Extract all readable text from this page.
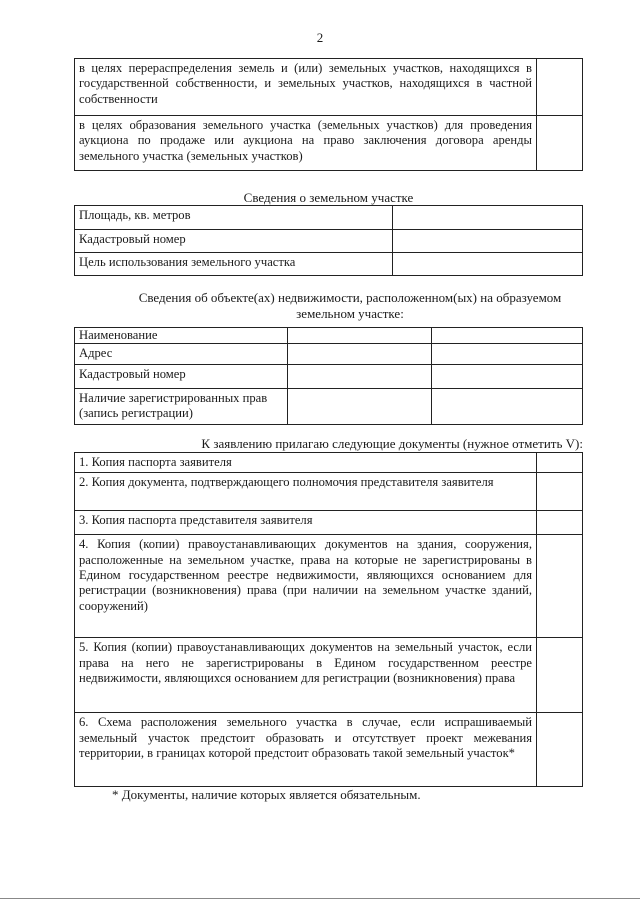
2
в целях перераспределения земель и (или) земельных участков, находящихся в государственной собственности, и земельных участков, находящихся в частной собственности	
в целях образования земельного участка (земельных участков) для проведения аукциона по продаже или аукциона на право заключения договора аренды земельного участка (земельных участков)	
Сведения о земельном участке
Площадь, кв. метров	
Кадастровый номер	
Цель использования земельного участка	
Сведения об объекте(ах) недвижимости, расположенном(ых) на образуемом земельном участке:
Наименование		
Адрес		
Кадастровый номер		
Наличие зарегистрированных прав (запись регистрации)		
К заявлению прилагаю следующие документы (нужное отметить V):
1. Копия паспорта заявителя	
2. Копия документа, подтверждающего полномочия представителя заявителя	
3. Копия паспорта представителя заявителя	
4. Копия (копии) правоустанавливающих документов на здания, сооружения, расположенные на земельном участке, права на которые не зарегистрированы в Едином государственном реестре недвижимости, являющихся основанием для регистрации (возникновения) права (при наличии на земельном участке зданий, сооружений)	
5. Копия (копии) правоустанавливающих документов на земельный участок, если права на него не зарегистрированы в Едином государственном реестре недвижимости, являющихся основанием для регистрации (возникновения) права	
6. Схема расположения земельного участка в случае, если испрашиваемый земельный участок предстоит образовать и отсутствует проект межевания территории, в границах которой предстоит образовать такой земельный участок*	
* Документы, наличие которых является обязательным.
